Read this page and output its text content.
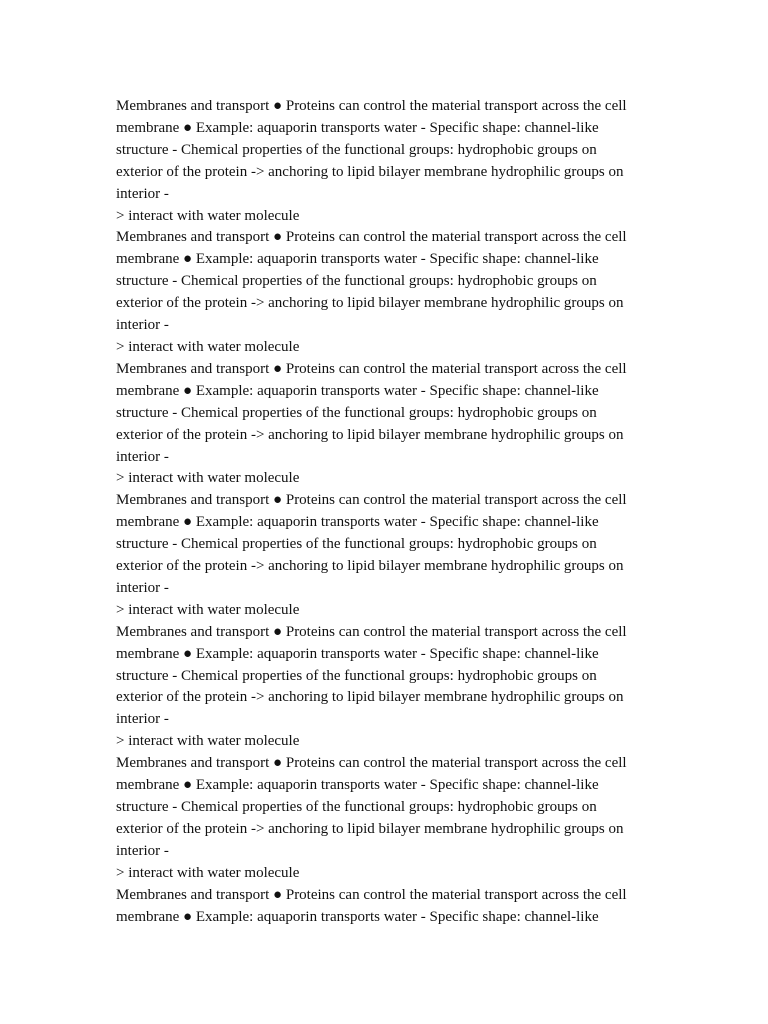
Membranes and transport ● Proteins can control the material transport across the cell
membrane ● Example: aquaporin transports water - Specific shape: channel-like
structure - Chemical properties of the functional groups: hydrophobic groups on
exterior of the protein -> anchoring to lipid bilayer membrane hydrophilic groups on
interior -
> interact with water molecule
Membranes and transport ● Proteins can control the material transport across the cell
membrane ● Example: aquaporin transports water - Specific shape: channel-like
structure - Chemical properties of the functional groups: hydrophobic groups on
exterior of the protein -> anchoring to lipid bilayer membrane hydrophilic groups on
interior -
> interact with water molecule
Membranes and transport ● Proteins can control the material transport across the cell
membrane ● Example: aquaporin transports water - Specific shape: channel-like
structure - Chemical properties of the functional groups: hydrophobic groups on
exterior of the protein -> anchoring to lipid bilayer membrane hydrophilic groups on
interior -
> interact with water molecule
Membranes and transport ● Proteins can control the material transport across the cell
membrane ● Example: aquaporin transports water - Specific shape: channel-like
structure - Chemical properties of the functional groups: hydrophobic groups on
exterior of the protein -> anchoring to lipid bilayer membrane hydrophilic groups on
interior -
> interact with water molecule
Membranes and transport ● Proteins can control the material transport across the cell
membrane ● Example: aquaporin transports water - Specific shape: channel-like
structure - Chemical properties of the functional groups: hydrophobic groups on
exterior of the protein -> anchoring to lipid bilayer membrane hydrophilic groups on
interior -
> interact with water molecule
Membranes and transport ● Proteins can control the material transport across the cell
membrane ● Example: aquaporin transports water - Specific shape: channel-like
structure - Chemical properties of the functional groups: hydrophobic groups on
exterior of the protein -> anchoring to lipid bilayer membrane hydrophilic groups on
interior -
> interact with water molecule
Membranes and transport ● Proteins can control the material transport across the cell
membrane ● Example: aquaporin transports water - Specific shape: channel-like
